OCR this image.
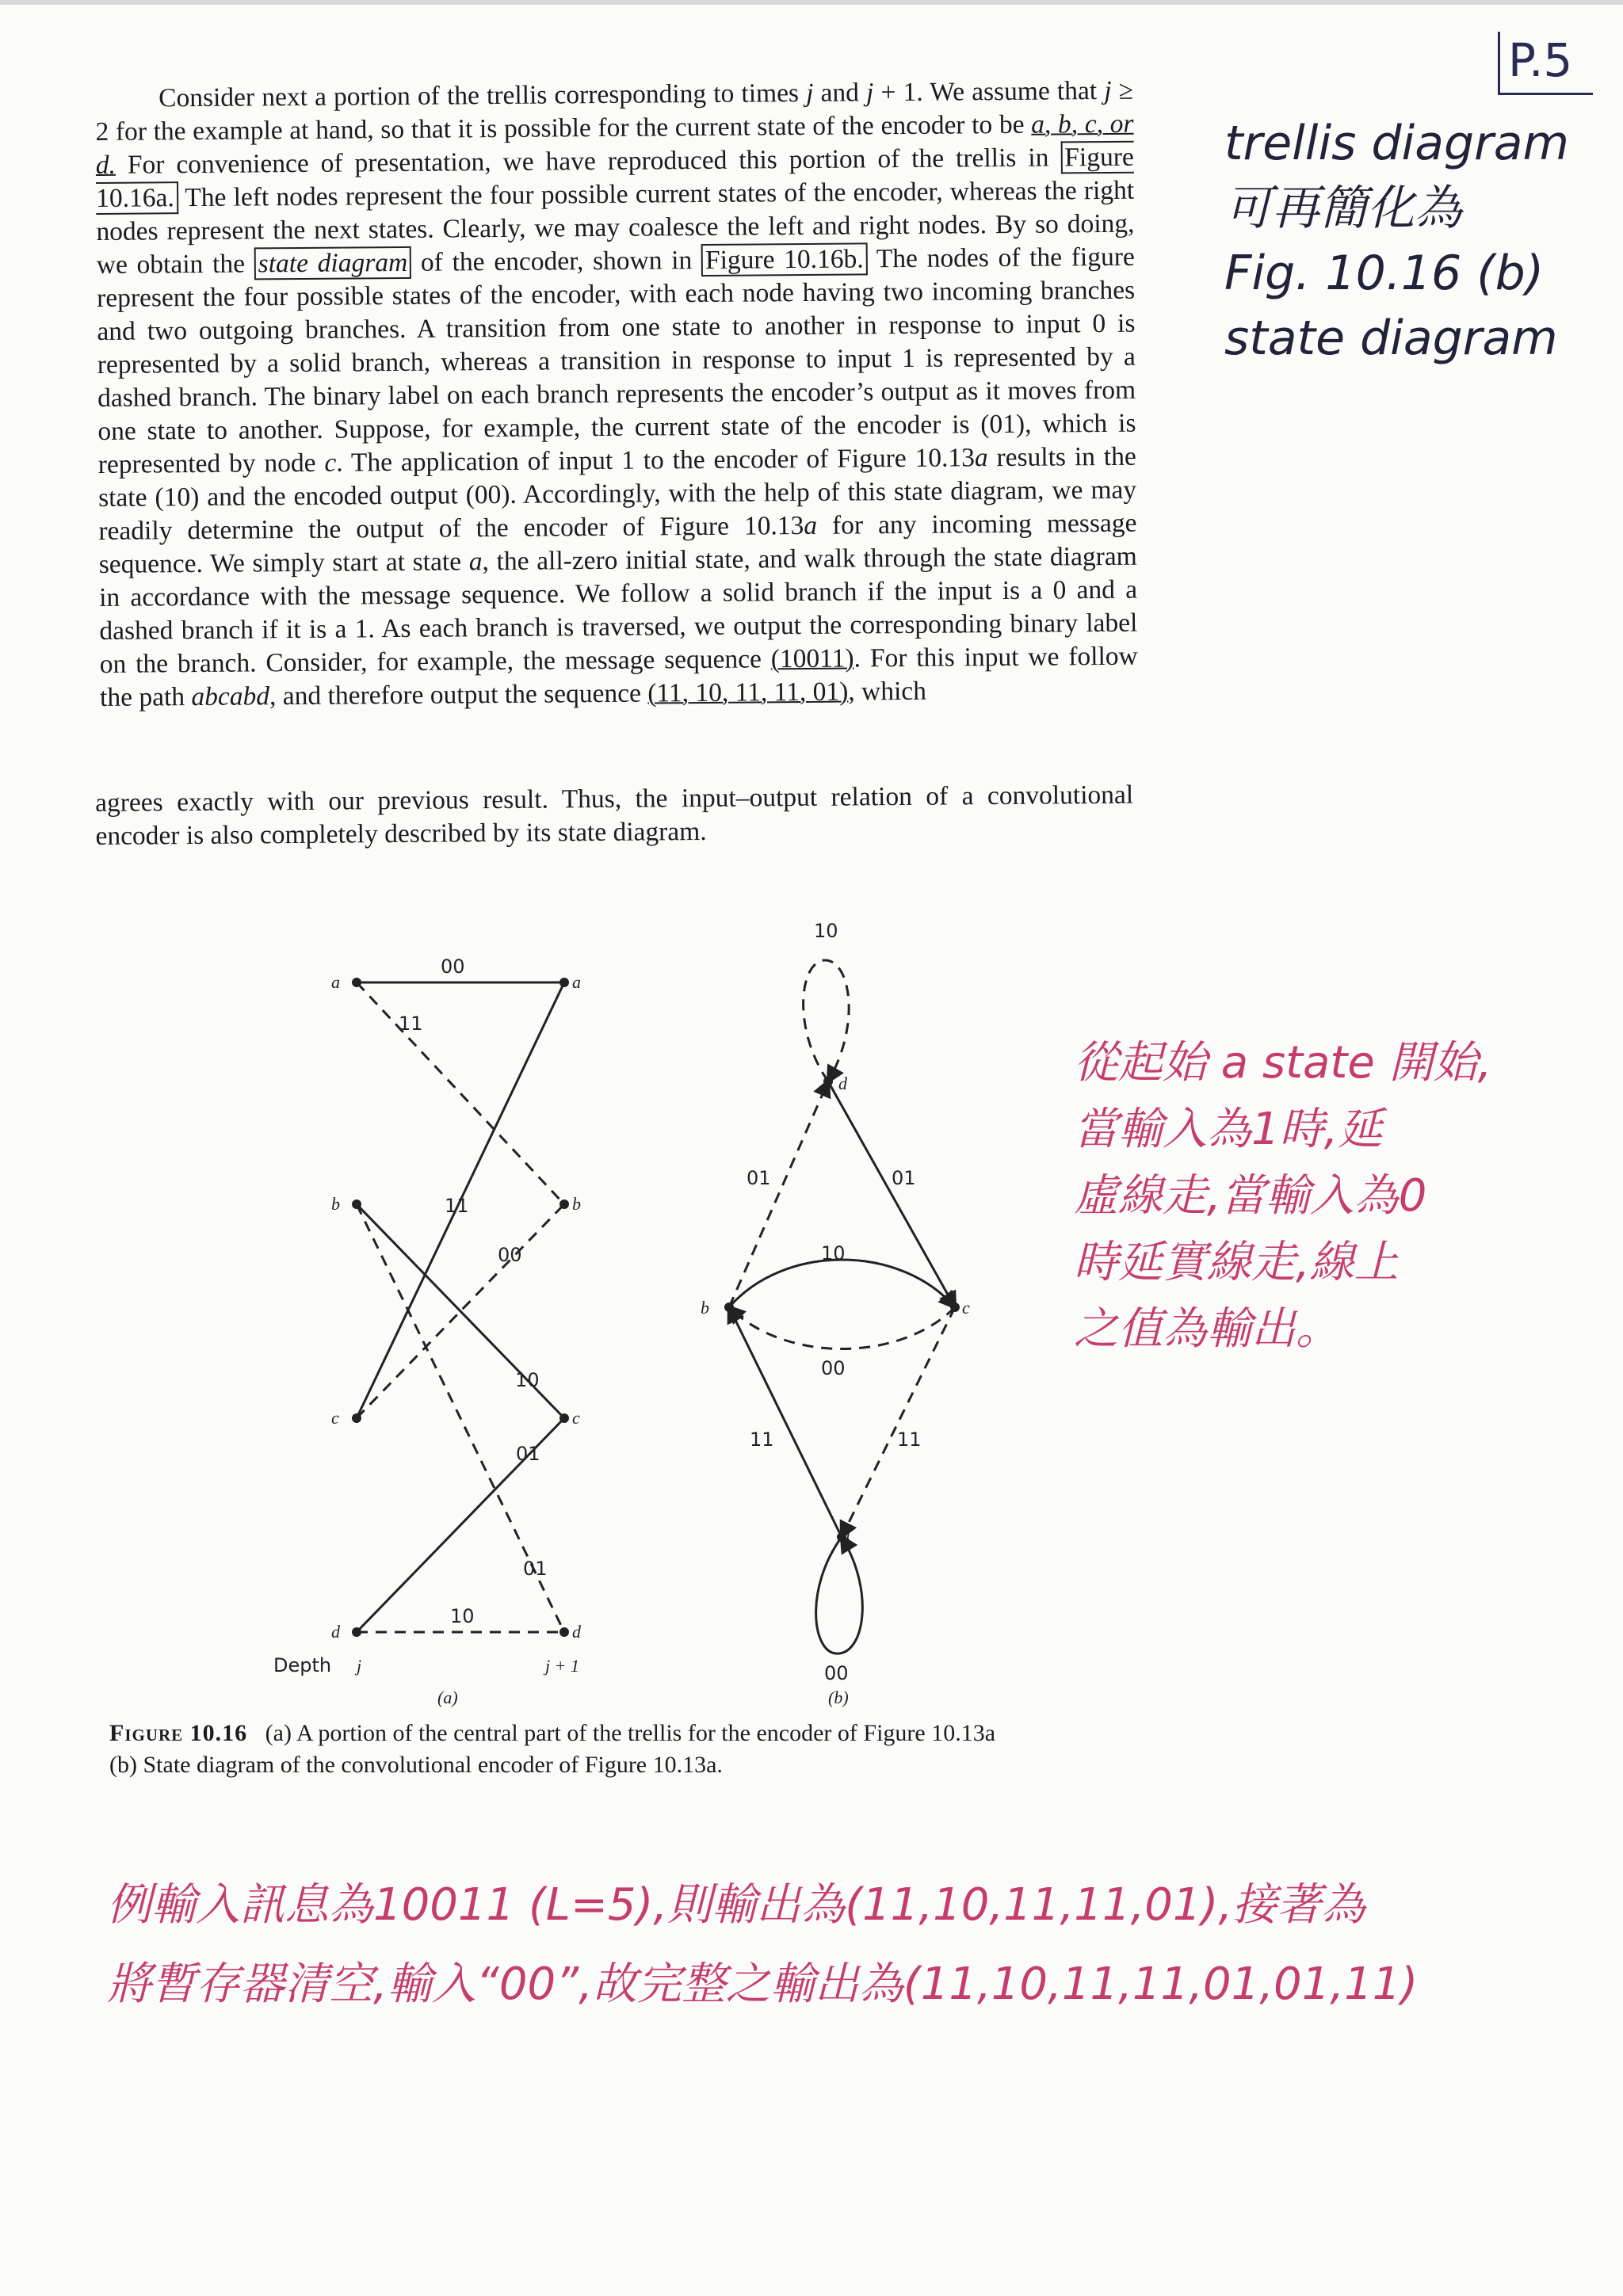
P.5

Consider next a portion of the trellis corresponding to times j and j + 1. We assume that j ≥ 2 for the example at hand, so that it is possible for the current state of the encoder to be a, b, c, or d. For convenience of presentation, we have reproduced this portion of the trellis in Figure 10.16a. The left nodes represent the four possible current states of the encoder, whereas the right nodes represent the next states. Clearly, we may coalesce the left and right nodes. By so doing, we obtain the state diagram of the encoder, shown in Figure 10.16b. The nodes of the figure represent the four possible states of the encoder, with each node having two incoming branches and two outgoing branches. A transition from one state to another in response to input 0 is represented by a solid branch, whereas a transition in response to input 1 is represented by a dashed branch. The binary label on each branch represents the encoder’s output as it moves from one state to another. Suppose, for example, the current state of the encoder is (01), which is represented by node c. The application of input 1 to the encoder of Figure 10.13a results in the state (10) and the encoded output (00). Accordingly, with the help of this state diagram, we may readily determine the output of the encoder of Figure 10.13a for any incoming message sequence. We simply start at state a, the all-zero initial state, and walk through the state diagram in accordance with the message sequence. We follow a solid branch if the input is a 0 and a dashed branch if it is a 1. As each branch is traversed, we output the corresponding binary label on the branch. Consider, for example, the message sequence (10011). For this input we follow the path abcabd, and therefore output the sequence (11, 10, 11, 11, 01), which

agrees exactly with our previous result. Thus, the input–output relation of a convolutional encoder is also completely described by its state diagram.

trellis diagram
可再簡化為
Fig. 10.16 (b)
state diagram
從起始 a state 開始,
當輸入為1時,延
虛線走,當輸入為0
時延實線走,線上
之值為輸出。
a
b
c
d
a
b
c
d
00
11
11
00
10
01
01
10
Depth j	j + 1
(a)
a
b	c
d
10
01	01
10
00
11	11
00
(b)
Figure 10.16 (a) A portion of the central part of the trellis for the encoder of Figure 10.13a
(b) State diagram of the convolutional encoder of Figure 10.13a.
例輸入訊息為10011 (L=5),則輸出為(11,10,11,11,01),接著為
將暫存器清空,輸入“00”,故完整之輸出為(11,10,11,11,01,01,11)
